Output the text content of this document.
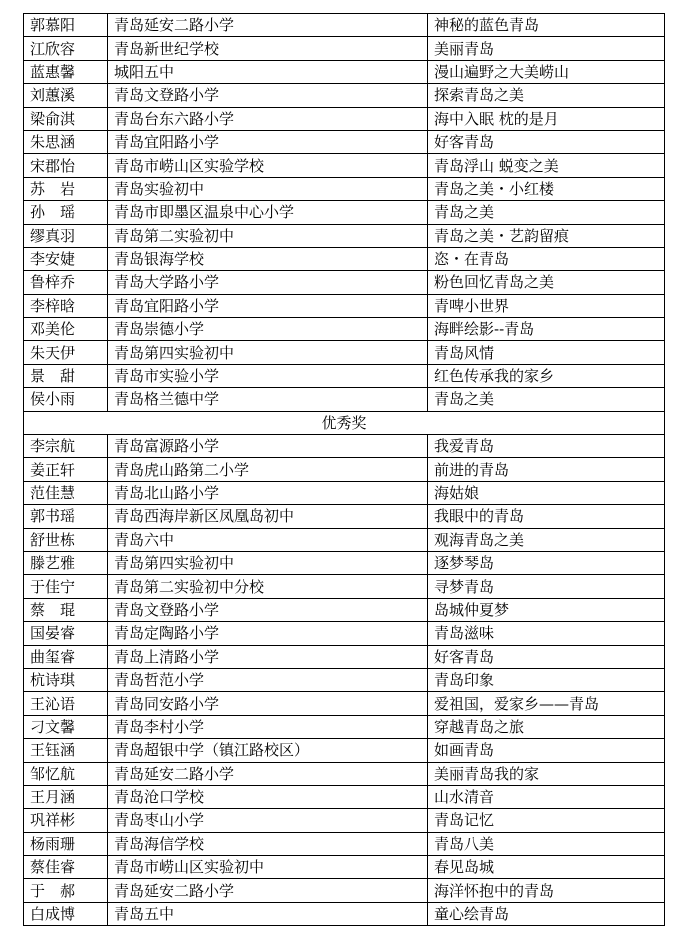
郭慕阳	青岛延安二路小学	神秘的蓝色青岛
江欣容	青岛新世纪学校	美丽青岛
蓝惠馨	城阳五中	漫山遍野之大美崂山
刘蕙溪	青岛文登路小学	探索青岛之美
梁俞淇	青岛台东六路小学	海中入眠 枕的是月
朱思涵	青岛宜阳路小学	好客青岛
宋郡怡	青岛市崂山区实验学校	青岛浮山 蜕变之美
苏　岩	青岛实验初中	青岛之美・小红楼
孙　瑶	青岛市即墨区温泉中心小学	青岛之美
缪真羽	青岛第二实验初中	青岛之美・艺韵留痕
李安婕	青岛银海学校	恣・在青岛
鲁梓乔	青岛大学路小学	粉色回忆青岛之美
李梓晗	青岛宜阳路小学	青啤小世界
邓美伦	青岛崇德小学	海畔绘影--青岛
朱天伊	青岛第四实验初中	青岛风情
景　甜	青岛市实验小学	红色传承我的家乡
侯小雨	青岛格兰德中学	青岛之美
优秀奖		
李宗航	青岛富源路小学	我爱青岛
姜正轩	青岛虎山路第二小学	前进的青岛
范佳慧	青岛北山路小学	海姑娘
郭书瑶	青岛西海岸新区凤凰岛初中	我眼中的青岛
舒世栋	青岛六中	观海青岛之美
滕艺雅	青岛第四实验初中	逐梦琴岛
于佳宁	青岛第二实验初中分校	寻梦青岛
蔡　琨	青岛文登路小学	岛城仲夏梦
国晏睿	青岛定陶路小学	青岛滋味
曲玺睿	青岛上清路小学	好客青岛
杭诗琪	青岛哲范小学	青岛印象
王沁语	青岛同安路小学	爱祖国，爱家乡——青岛
刁文馨	青岛李村小学	穿越青岛之旅
王钰涵	青岛超银中学（镇江路校区）	如画青岛
邹忆航	青岛延安二路小学	美丽青岛我的家
王月涵	青岛沧口学校	山水清音
巩祥彬	青岛枣山小学	青岛记忆
杨雨珊	青岛海信学校	青岛八美
蔡佳睿	青岛市崂山区实验初中	春见岛城
于　郝	青岛延安二路小学	海洋怀抱中的青岛
白成博	青岛五中	童心绘青岛
